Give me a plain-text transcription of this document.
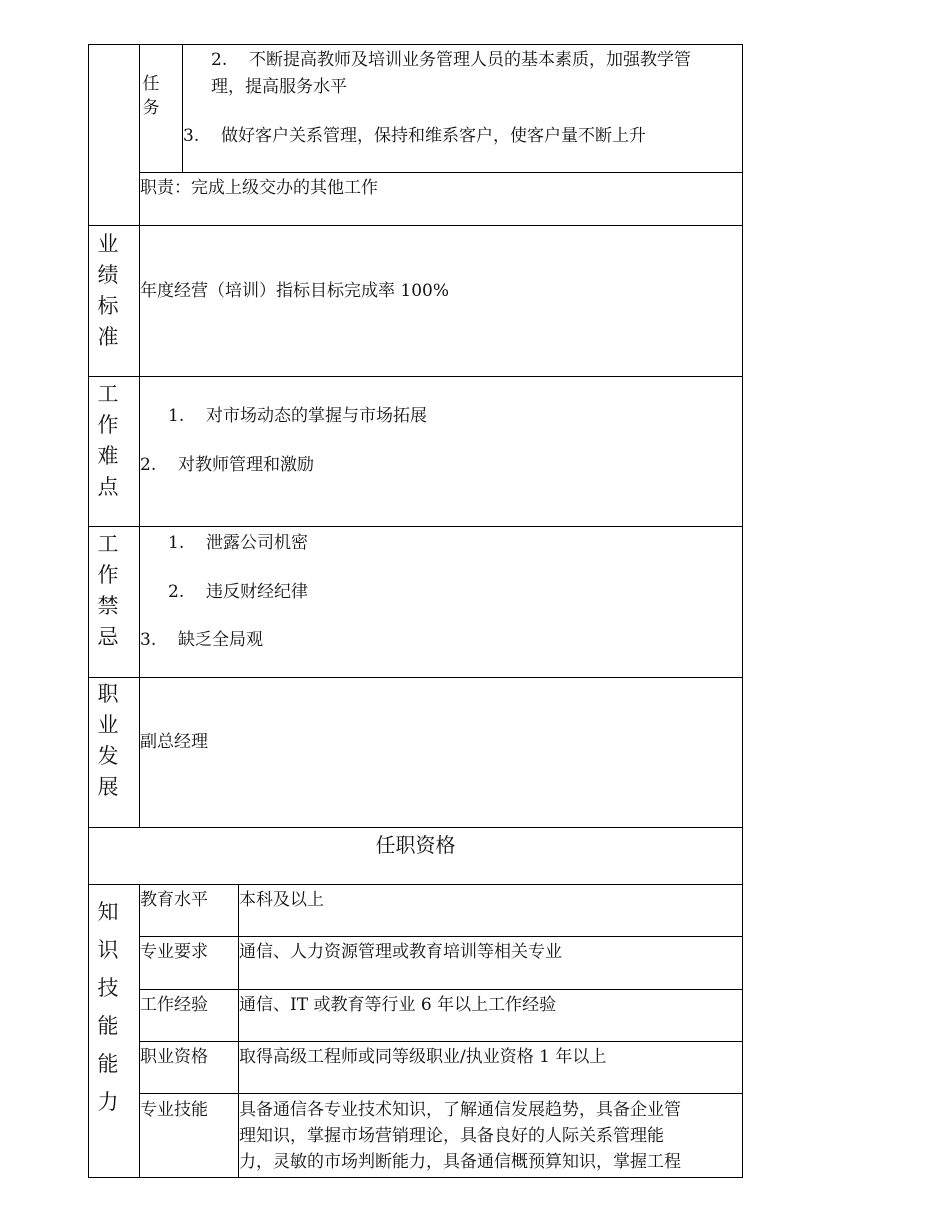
任务
2. 不断提高教师及培训业务管理人员的基本素质，加强教学管
理，提高服务水平
3. 做好客户关系管理，保持和维系客户，使客户量不断上升
职责：完成上级交办的其他工作
业绩标准
年度经营（培训）指标目标完成率 100%
工作难点
1. 对市场动态的掌握与市场拓展
2. 对教师管理和激励
工作禁忌
1. 泄露公司机密
2. 违反财经纪律
3. 缺乏全局观
职业发展
副总经理
任职资格
知识技能能力
教育水平 本科及以上
专业要求 通信、人力资源管理或教育培训等相关专业
工作经验 通信、IT 或教育等行业 6 年以上工作经验
职业资格 取得高级工程师或同等级职业/执业资格 1 年以上
专业技能 具备通信各专业技术知识，了解通信发展趋势，具备企业管
理知识，掌握市场营销理论，具备良好的人际关系管理能
力，灵敏的市场判断能力，具备通信概预算知识，掌握工程
